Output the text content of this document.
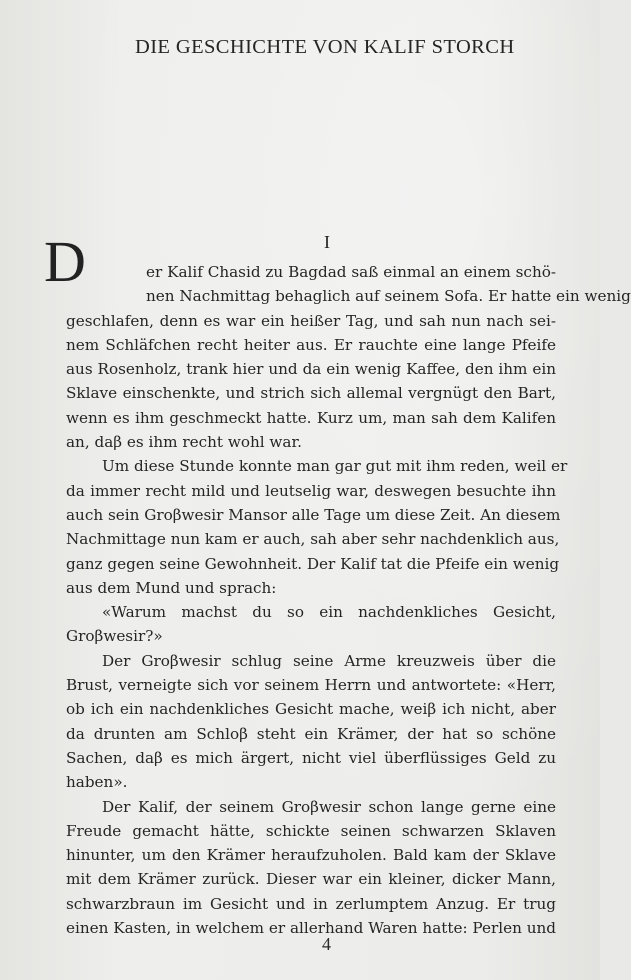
DIE GESCHICHTE VON KALIF STORCH
I
D	er Kalif Chasid zu Bagdad saß einmal an einem schö-
nen Nachmittag behaglich auf seinem Sofa. Er hatte ein wenig
geschlafen, denn es war ein heißer Tag, und sah nun nach sei-
nem Schläfchen recht heiter aus. Er rauchte eine lange Pfeife
aus Rosenholz, trank hier und da ein wenig Kaffee, den ihm ein
Sklave einschenkte, und strich sich allemal vergnügt den Bart,
wenn es ihm geschmeckt hatte. Kurz um, man sah dem Kalifen
an, daβ es ihm recht wohl war.
Um diese Stunde konnte man gar gut mit ihm reden, weil er
da immer recht mild und leutselig war, deswegen besuchte ihn
auch sein Groβwesir Mansor alle Tage um diese Zeit. An diesem
Nachmittage nun kam er auch, sah aber sehr nachdenklich aus,
ganz gegen seine Gewohnheit. Der Kalif tat die Pfeife ein wenig
aus dem Mund und sprach:
«Warum machst du so ein nachdenkliches Gesicht,
Groβwesir?»
Der Groβwesir schlug seine Arme kreuzweis über die
Brust, verneigte sich vor seinem Herrn und antwortete: «Herr,
ob ich ein nachdenkliches Gesicht mache, weiβ ich nicht, aber
da drunten am Schloβ steht ein Krämer, der hat so schöne
Sachen, daβ es mich ärgert, nicht viel überflüssiges Geld zu
haben».
Der Kalif, der seinem Groβwesir schon lange gerne eine
Freude gemacht hätte, schickte seinen schwarzen Sklaven
hinunter, um den Krämer heraufzuholen. Bald kam der Sklave
mit dem Krämer zurück. Dieser war ein kleiner, dicker Mann,
schwarzbraun im Gesicht und in zerlumptem Anzug. Er trug
einen Kasten, in welchem er allerhand Waren hatte: Perlen und
4
